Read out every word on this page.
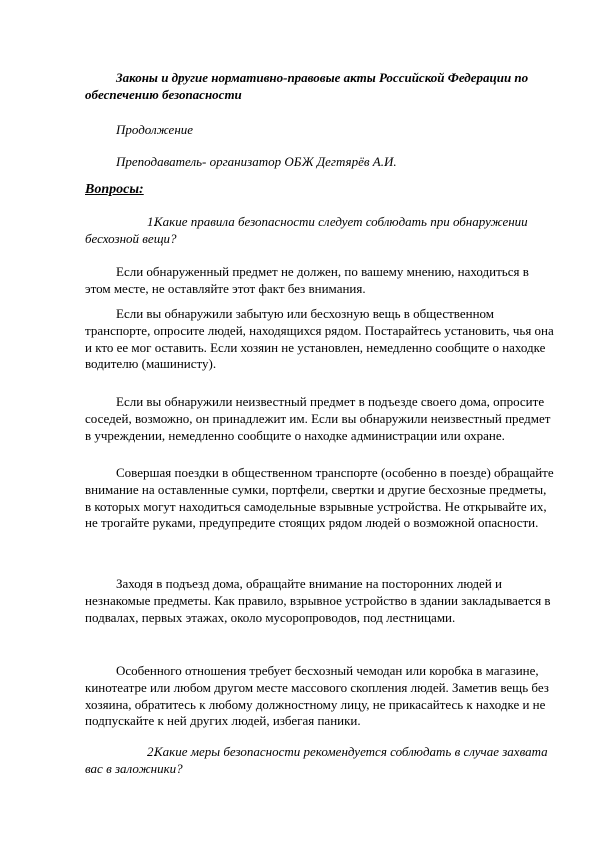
Законы и другие нормативно-правовые акты Российской Федерации по обеспечению безопасности

Продолжение

Преподаватель- организатор ОБЖ Дегтярёв А.И.

Вопросы:

1.Какие правила безопасности следует соблюдать при обнаружении бесхозной вещи?

Если обнаруженный предмет не должен, по вашему мнению, находиться в этом месте, не оставляйте этот факт без внимания.

Если вы обнаружили забытую или бесхозную вещь в общественном транспорте, опросите людей, находящихся рядом. Постарайтесь установить, чья она и кто ее мог оставить. Если хозяин не установлен, немедленно сообщите о находке водителю (машинисту).

Если вы обнаружили неизвестный предмет в подъезде своего дома, опросите соседей, возможно, он принадлежит им. Если вы обнаружили неизвестный предмет в учреждении, немедленно сообщите о находке администрации или охране.

Совершая поездки в общественном транспорте (особенно в поезде) обращайте внимание на оставленные сумки, портфели, свертки и другие бесхозные предметы, в которых могут находиться самодельные взрывные устройства. Не открывайте их, не трогайте руками, предупредите стоящих рядом людей о возможной опасности.

Заходя в подъезд дома, обращайте внимание на посторонних людей и незнакомые предметы. Как правило, взрывное устройство в здании закладывается в подвалах, первых этажах, около мусоропроводов, под лестницами.

Особенного отношения требует бесхозный чемодан или коробка в магазине, кинотеатре или любом другом месте массового скопления людей. Заметив вещь без хозяина, обратитесь к любому должностному лицу, не прикасайтесь к находке и не подпускайте к ней других людей, избегая паники.

2.Какие меры безопасности рекомендуется соблюдать в случае захвата вас в заложники?
